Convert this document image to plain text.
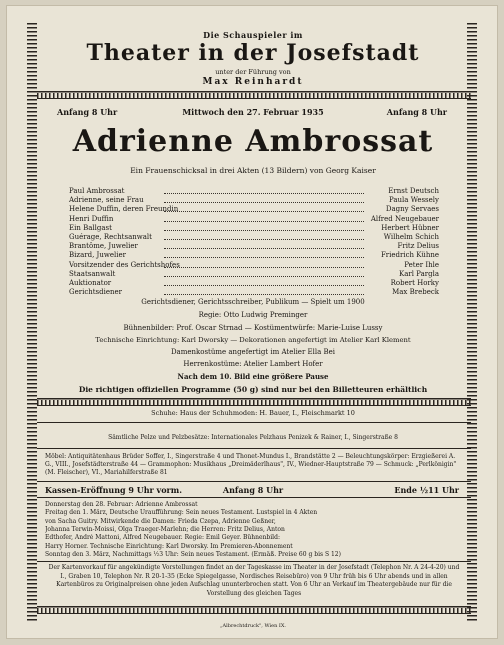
Die Schauspieler im
Theater in der Josefstadt
unter der Führung von
Max Reinhardt
Anfang 8 Uhr	Mittwoch den 27. Februar 1935	Anfang 8 Uhr
Adrienne Ambrossat
Ein Frauenschicksal in drei Akten (13 Bildern) von Georg Kaiser
Paul Ambrossat	Ernst Deutsch
Adrienne, seine Frau	Paula Wessely
Helene Duffin, deren Freundin	Dagny Servaes
Henri Duffin	Alfred Neugebauer
Ein Ballgast	Herbert Hübner
Guérage, Rechtsanwalt	Wilhelm Schich
Brantôme, Juwelier	Fritz Delius
Bizard, Juwelier	Friedrich Kühne
Vorsitzender des Gerichtshofes	Peter Ihle
Staatsanwalt	Karl Pargla
Auktionator	Robert Horky
Gerichtsdiener	Max Brebeck
Gerichtsdiener, Gerichtsschreiber, Publikum — Spielt um 1900
Regie: Otto Ludwig Preminger
Bühnenbilder: Prof. Oscar Strnad — Kostümentwürfe: Marie-Luise Lussy
Technische Einrichtung: Karl Dworsky — Dekorationen angefertigt im Atelier Karl Klement
Damenkostüme angefertigt im Atelier Ella Bei
Herrenkostüme: Atelier Lambert Hofer
Nach dem 10. Bild eine größere Pause
Die richtigen offiziellen Programme (50 g) sind nur bei den Billetteuren erhältlich
Schuhe: Haus der Schuhmoden: H. Bauer, I., Fleischmarkt 10
Sämtliche Pelze und Pelzbesätze: Internationales Pelzhaus Penizek & Rainer, I., Singerstraße 8
Möbel: Antiquitätenhaus Brüder Soffer, I., Singerstraße 4 und Thonet-Mundus I., Brandstätte 2 — Beleuchtungskörper: Erzgießerei A. G., VIII., Josefstädterstraße 44 — Grammophon: Musikhaus „Dreimäderlhaus", IV., Wiedner-Hauptstraße 79 — Schmuck: „Perlkönigin" (M. Fleischer), VI., Mariahilferstraße 81
Kassen-Eröffnung 9 Uhr vorm.	Anfang 8 Uhr	Ende ½11 Uhr
Donnerstag den 28. Februar: Adrienne Ambrossat
Freitag den 1. März, Deutsche Uraufführung: Sein neues Testament. Lustspiel in 4 Akten
von Sacha Guitry. Mitwirkende die Damen: Frieda Czepa, Adrienne Geßner,
Johanna Terwin-Moissi, Olga Traeger-Marlehn; die Herren: Fritz Delius, Anton
Edthofer, André Mattoni, Alfred Neugebauer. Regie: Emil Geyer. Bühnenbild:
Harry Horner. Technische Einrichtung: Karl Dworsky. Im Premieren-Abonnement
Sonntag den 3. März, Nachmittags ½3 Uhr: Sein neues Testament. (Ermäß. Preise 60 g bis S 12)
Der Kartenvorkauf für angekündigte Vorstellungen findet an der Tageskasse im Theater in der Josefstadt (Telephon Nr. A 24-4-20) und I., Graben 10, Telephon Nr. R 20-1-35 (Ecke Spiegelgasse, Nordisches Reisebüro) von 9 Uhr früh bis 6 Uhr abends und in allen Kartenbüros zu Originalpreisen ohne jeden Aufschlag ununterbrochen statt. Von 6 Uhr an Verkauf im Theatergebäude nur für die Vorstellung des gleichen Tages
„Albrechtdruck", Wien IX.
